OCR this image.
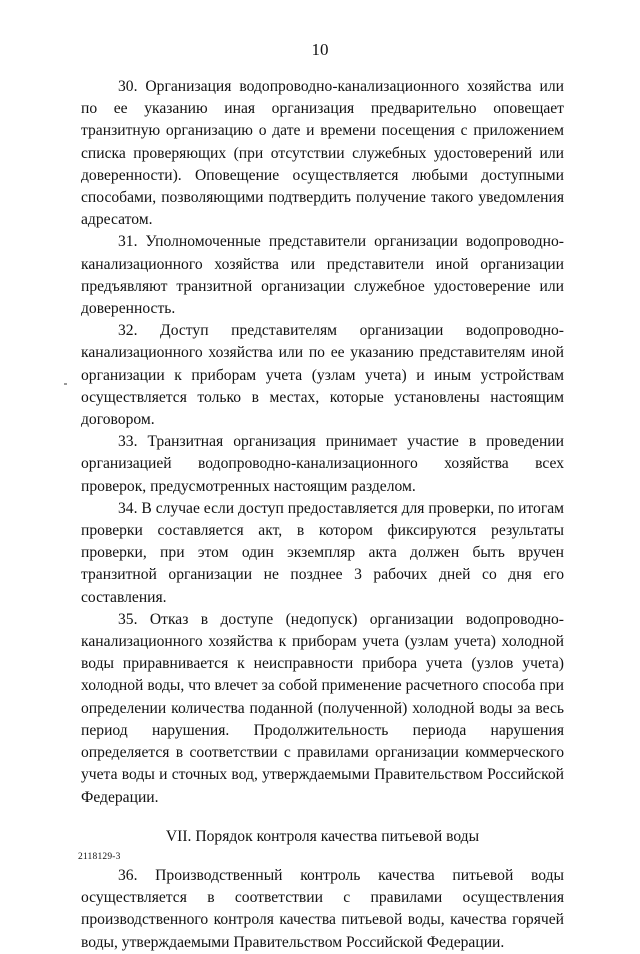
10

30. Организация водопроводно-канализационного хозяйства или по ее указанию иная организация предварительно оповещает транзитную организацию о дате и времени посещения с приложением списка проверяющих (при отсутствии служебных удостоверений или доверенности). Оповещение осуществляется любыми доступными способами, позволяющими подтвердить получение такого уведомления адресатом.

31. Уполномоченные представители организации водопроводно-канализационного хозяйства или представители иной организации предъявляют транзитной организации служебное удостоверение или доверенность.

32. Доступ представителям организации водопроводно-канализационного хозяйства или по ее указанию представителям иной организации к приборам учета (узлам учета) и иным устройствам осуществляется только в местах, которые установлены настоящим договором.

33. Транзитная организация принимает участие в проведении организацией водопроводно-канализационного хозяйства всех проверок, предусмотренных настоящим разделом.

34. В случае если доступ предоставляется для проверки, по итогам проверки составляется акт, в котором фиксируются результаты проверки, при этом один экземпляр акта должен быть вручен транзитной организации не позднее 3 рабочих дней со дня его составления.

35. Отказ в доступе (недопуск) организации водопроводно-канализационного хозяйства к приборам учета (узлам учета) холодной воды приравнивается к неисправности прибора учета (узлов учета) холодной воды, что влечет за собой применение расчетного способа при определении количества поданной (полученной) холодной воды за весь период нарушения. Продолжительность периода нарушения определяется в соответствии с правилами организации коммерческого учета воды и сточных вод, утверждаемыми Правительством Российской Федерации.

VII. Порядок контроля качества питьевой воды

36. Производственный контроль качества питьевой воды осуществляется в соответствии с правилами осуществления производственного контроля качества питьевой воды, качества горячей воды, утверждаемыми Правительством Российской Федерации.

2118129-3
